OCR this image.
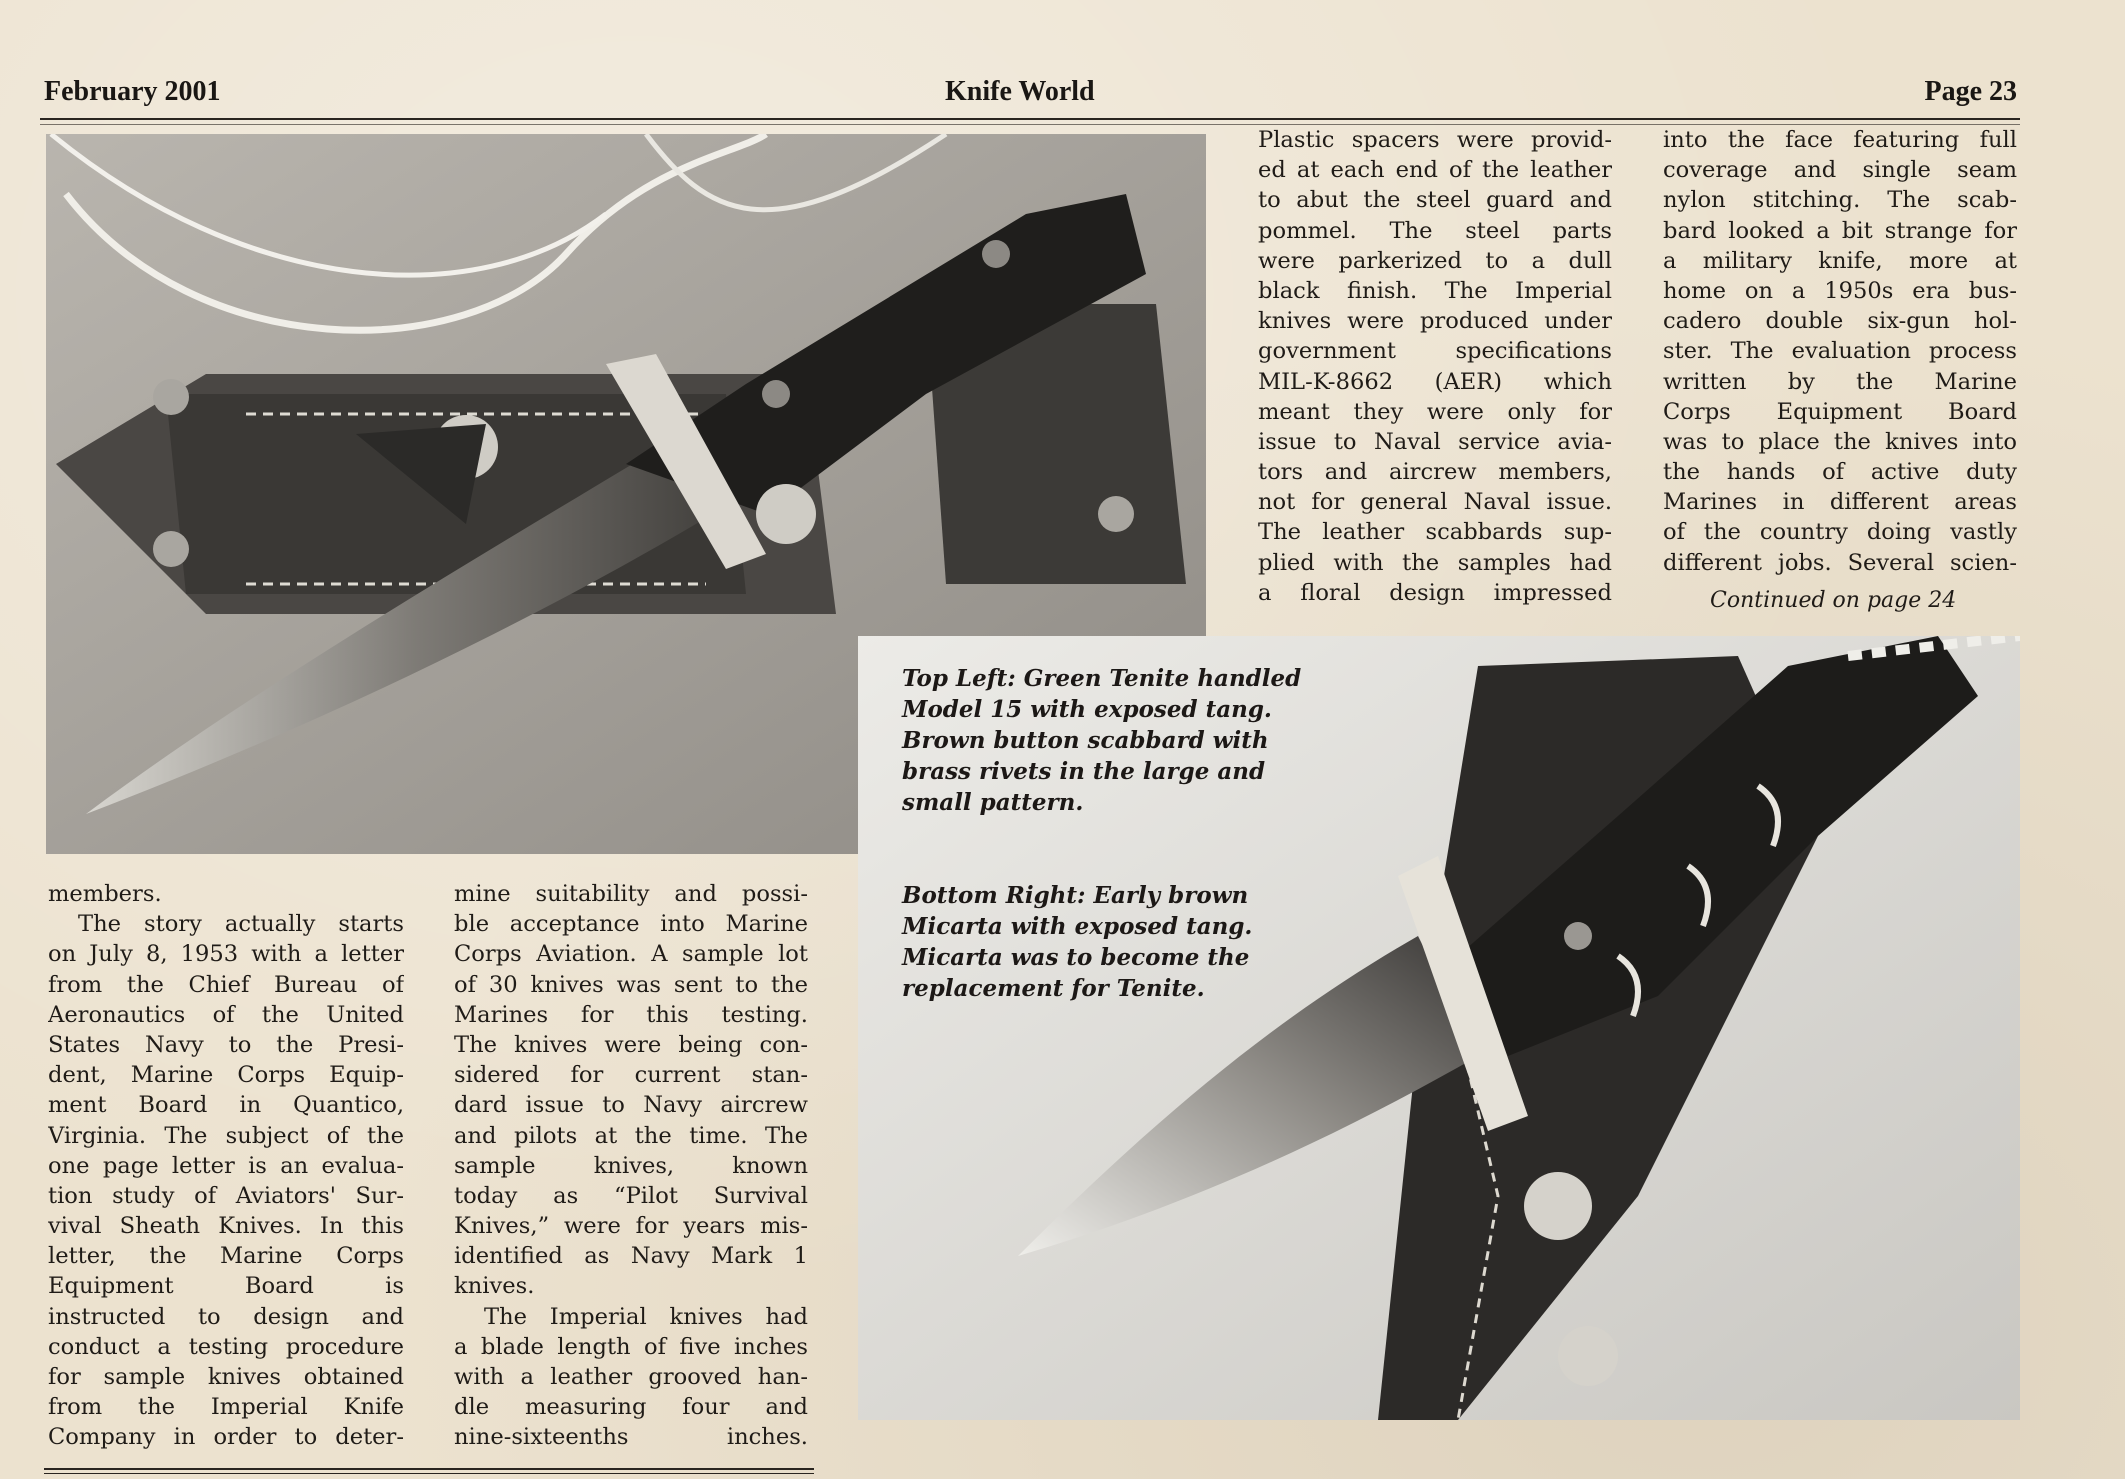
February 2001	Knife World	Page 23
Top Left: Green Tenite handled
Model 15 with exposed tang.
Brown button scabbard with
brass rivets in the large and
small pattern.
Bottom Right: Early brown
Micarta with exposed tang.
Micarta was to become the
replacement for Tenite.
Plastic spacers were provid-
ed at each end of the leather
to abut the steel guard and
pommel. The steel parts
were parkerized to a dull
black finish. The Imperial
knives were produced under
government specifications
MIL-K-8662 (AER) which
meant they were only for
issue to Naval service avia-
tors and aircrew members,
not for general Naval issue.
The leather scabbards sup-
plied with the samples had
a floral design impressed
into the face featuring full
coverage and single seam
nylon stitching. The scab-
bard looked a bit strange for
a military knife, more at
home on a 1950s era bus-
cadero double six-gun hol-
ster. The evaluation process
written by the Marine
Corps Equipment Board
was to place the knives into
the hands of active duty
Marines in different areas
of the country doing vastly
different jobs. Several scien-
Continued on page 24
members.
The story actually starts
on July 8, 1953 with a letter
from the Chief Bureau of
Aeronautics of the United
States Navy to the Presi-
dent, Marine Corps Equip-
ment Board in Quantico,
Virginia. The subject of the
one page letter is an evalua-
tion study of Aviators' Sur-
vival Sheath Knives. In this
letter, the Marine Corps
Equipment Board is
instructed to design and
conduct a testing procedure
for sample knives obtained
from the Imperial Knife
Company in order to deter-
mine suitability and possi-
ble acceptance into Marine
Corps Aviation. A sample lot
of 30 knives was sent to the
Marines for this testing.
The knives were being con-
sidered for current stan-
dard issue to Navy aircrew
and pilots at the time. The
sample knives, known
today as “Pilot Survival
Knives,” were for years mis-
identified as Navy Mark 1
knives.
The Imperial knives had
a blade length of five inches
with a leather grooved han-
dle measuring four and
nine-sixteenths inches.
